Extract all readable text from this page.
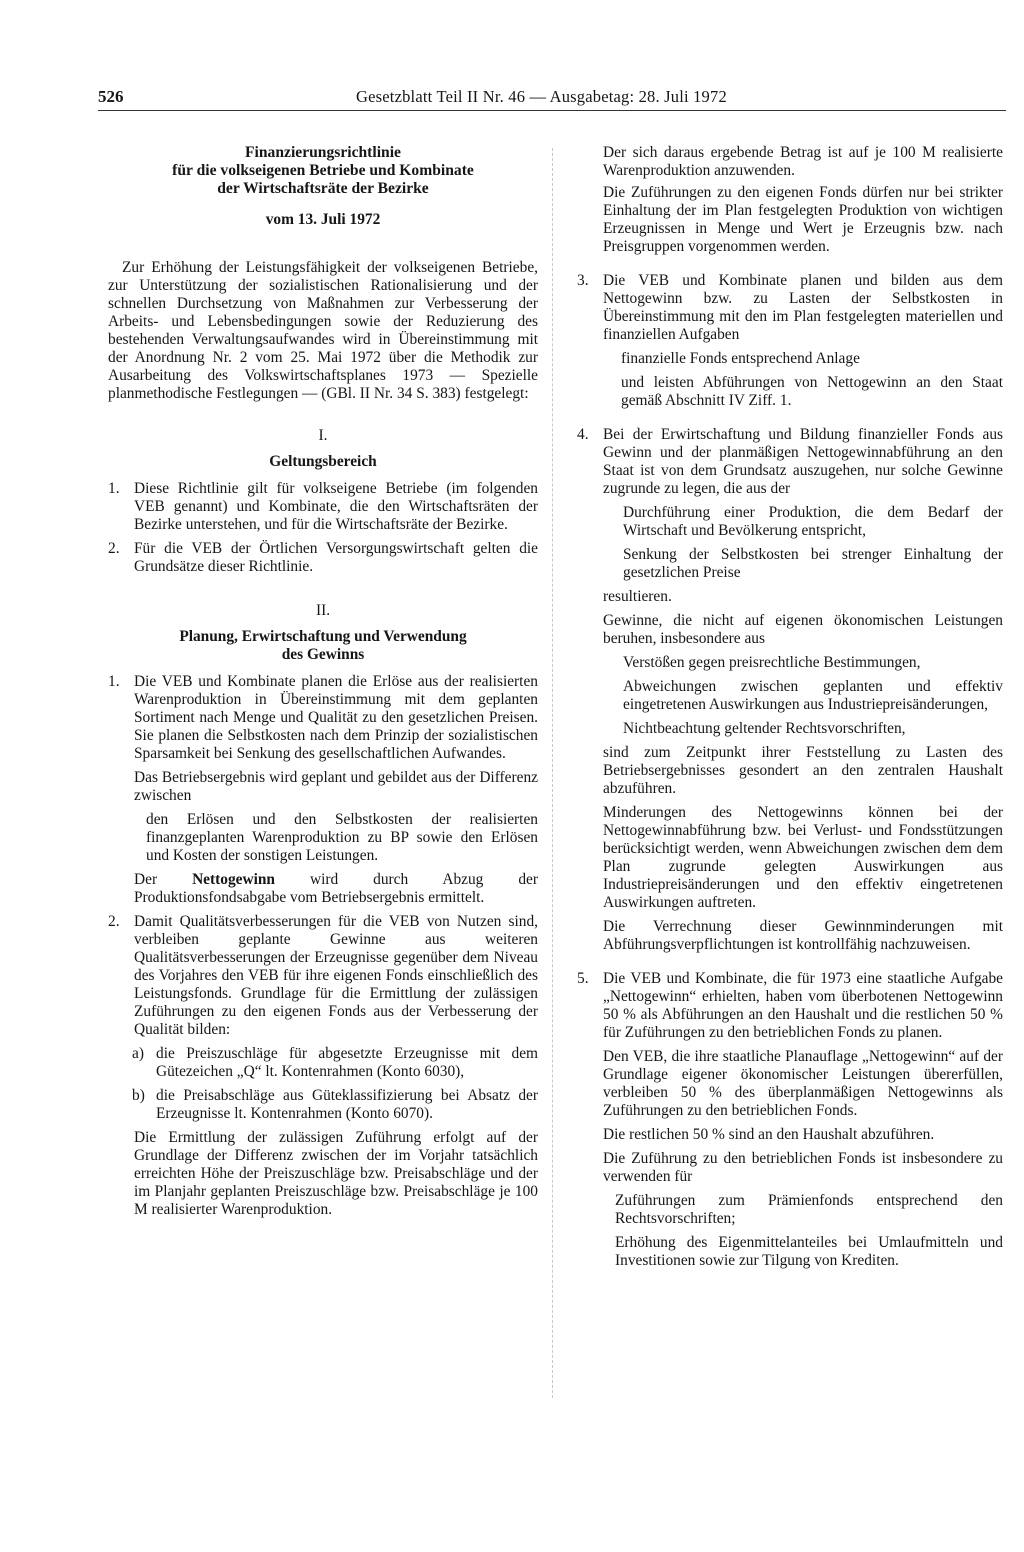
526	Gesetzblatt Teil II Nr. 46 — Ausgabetag: 28. Juli 1972
Finanzierungsrichtlinie
für die volkseigenen Betriebe und Kombinate
der Wirtschaftsräte der Bezirke
vom 13. Juli 1972

Zur Erhöhung der Leistungsfähigkeit der volkseigenen Betriebe, zur Unterstützung der sozialistischen Rationalisierung und der schnellen Durchsetzung von Maßnahmen zur Verbesserung der Arbeits- und Lebensbedingungen sowie der Reduzierung des bestehenden Verwaltungsaufwandes wird in Übereinstimmung mit der Anordnung Nr. 2 vom 25. Mai 1972 über die Methodik zur Ausarbeitung des Volkswirtschaftsplanes 1973 — Spezielle planmethodische Festlegungen — (GBl. II Nr. 34 S. 383) festgelegt:

I.
Geltungsbereich
1. Diese Richtlinie gilt für volkseigene Betriebe (im folgenden VEB genannt) und Kombinate, die den Wirtschaftsräten der Bezirke unterstehen, und für die Wirtschaftsräte der Bezirke.
2. Für die VEB der Örtlichen Versorgungswirtschaft gelten die Grundsätze dieser Richtlinie.
II.
Planung, Erwirtschaftung und Verwendung
des Gewinns
1. Die VEB und Kombinate planen die Erlöse aus der realisierten Warenproduktion in Übereinstimmung mit dem geplanten Sortiment nach Menge und Qualität zu den gesetzlichen Preisen. Sie planen die Selbstkosten nach dem Prinzip der sozialistischen Sparsamkeit bei Senkung des gesellschaftlichen Aufwandes.

Das Betriebsergebnis wird geplant und gebildet aus der Differenz zwischen

den Erlösen und den Selbstkosten der realisierten finanzgeplanten Warenproduktion zu BP sowie den Erlösen und Kosten der sonstigen Leistungen.

Der Nettogewinn wird durch Abzug der Produktionsfondsabgabe vom Betriebsergebnis ermittelt.

2. Damit Qualitätsverbesserungen für die VEB von Nutzen sind, verbleiben geplante Gewinne aus weiteren Qualitätsverbesserungen der Erzeugnisse gegenüber dem Niveau des Vorjahres den VEB für ihre eigenen Fonds einschließlich des Leistungsfonds. Grundlage für die Ermittlung der zulässigen Zuführungen zu den eigenen Fonds aus der Verbesserung der Qualität bilden:
a) die Preiszuschläge für abgesetzte Erzeugnisse mit dem Gütezeichen „Q“ lt. Kontenrahmen (Konto 6030),
b) die Preisabschläge aus Güteklassifizierung bei Absatz der Erzeugnisse lt. Kontenrahmen (Konto 6070).

Die Ermittlung der zulässigen Zuführung erfolgt auf der Grundlage der Differenz zwischen der im Vorjahr tatsächlich erreichten Höhe der Preiszuschläge bzw. Preisabschläge und der im Planjahr geplanten Preiszuschläge bzw. Preisabschläge je 100 M realisierter Warenproduktion.

Der sich daraus ergebende Betrag ist auf je 100 M realisierte Warenproduktion anzuwenden.

Die Zuführungen zu den eigenen Fonds dürfen nur bei strikter Einhaltung der im Plan festgelegten Produktion von wichtigen Erzeugnissen in Menge und Wert je Erzeugnis bzw. nach Preisgruppen vorgenommen werden.

3. Die VEB und Kombinate planen und bilden aus dem Nettogewinn bzw. zu Lasten der Selbstkosten in Übereinstimmung mit den im Plan festgelegten materiellen und finanziellen Aufgaben

finanzielle Fonds entsprechend Anlage

und leisten Abführungen von Nettogewinn an den Staat gemäß Abschnitt IV Ziff. 1.

4. Bei der Erwirtschaftung und Bildung finanzieller Fonds aus Gewinn und der planmäßigen Nettogewinnabführung an den Staat ist von dem Grundsatz auszugehen, nur solche Gewinne zugrunde zu legen, die aus der

Durchführung einer Produktion, die dem Bedarf der Wirtschaft und Bevölkerung entspricht,

Senkung der Selbstkosten bei strenger Einhaltung der gesetzlichen Preise

resultieren.

Gewinne, die nicht auf eigenen ökonomischen Leistungen beruhen, insbesondere aus

Verstößen gegen preisrechtliche Bestimmungen,

Abweichungen zwischen geplanten und effektiv eingetretenen Auswirkungen aus Industriepreisänderungen,

Nichtbeachtung geltender Rechtsvorschriften,

sind zum Zeitpunkt ihrer Feststellung zu Lasten des Betriebsergebnisses gesondert an den zentralen Haushalt abzuführen.

Minderungen des Nettogewinns können bei der Nettogewinnabführung bzw. bei Verlust- und Fondsstützungen berücksichtigt werden, wenn Abweichungen zwischen dem dem Plan zugrunde gelegten Auswirkungen aus Industriepreisänderungen und den effektiv eingetretenen Auswirkungen auftreten.

Die Verrechnung dieser Gewinnminderungen mit Abführungsverpflichtungen ist kontrollfähig nachzuweisen.

5. Die VEB und Kombinate, die für 1973 eine staatliche Aufgabe „Nettogewinn“ erhielten, haben vom überbotenen Nettogewinn 50 % als Abführungen an den Haushalt und die restlichen 50 % für Zuführungen zu den betrieblichen Fonds zu planen.

Den VEB, die ihre staatliche Planauflage „Nettogewinn“ auf der Grundlage eigener ökonomischer Leistungen übererfüllen, verbleiben 50 % des überplanmäßigen Nettogewinns als Zuführungen zu den betrieblichen Fonds.

Die restlichen 50 % sind an den Haushalt abzuführen.

Die Zuführung zu den betrieblichen Fonds ist insbesondere zu verwenden für

Zuführungen zum Prämienfonds entsprechend den Rechtsvorschriften;

Erhöhung des Eigenmittelanteiles bei Umlaufmitteln und Investitionen sowie zur Tilgung von Krediten.
